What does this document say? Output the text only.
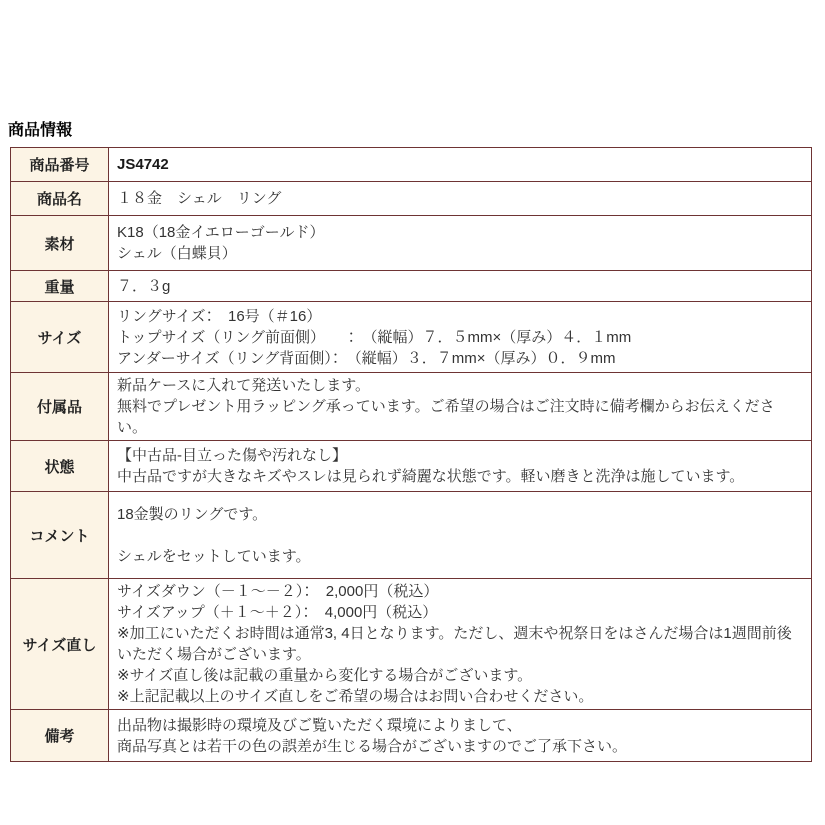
商品情報
商品番号	JS4742

商品名	１８金　シェル　リング

素材	K18（18金イエローゴールド）
シェル（白蝶貝）

重量	７．３g

サイズ	リングサイズ：　16号（＃16）
トップサイズ（リング前面側）　　：　（縦幅）７．５mm×（厚み）４．１mm
アンダーサイズ（リング背面側）：　（縦幅）３．７mm×（厚み）０．９mm

付属品	新品ケースに入れて発送いたします。
無料でプレゼント用ラッピング承っています。ご希望の場合はご注文時に備考欄からお伝えください。

状態	【中古品-目立った傷や汚れなし】
中古品ですが大きなキズやスレは見られず綺麗な状態です。軽い磨きと洗浄は施しています。

コメント	18金製のリングです。
シェルをセットしています。

サイズ直し	サイズダウン（－１～－２）：　2,000円（税込）
サイズアップ（＋１～＋２）：　4,000円（税込）
※加工にいただくお時間は通常3, 4日となります。ただし、週末や祝祭日をはさんだ場合は1週間前後いただく場合がございます。
※サイズ直し後は記載の重量から変化する場合がございます。
※上記記載以上のサイズ直しをご希望の場合はお問い合わせください。

備考	出品物は撮影時の環境及びご覧いただく環境によりまして、
商品写真とは若干の色の誤差が生じる場合がございますのでご了承下さい。
